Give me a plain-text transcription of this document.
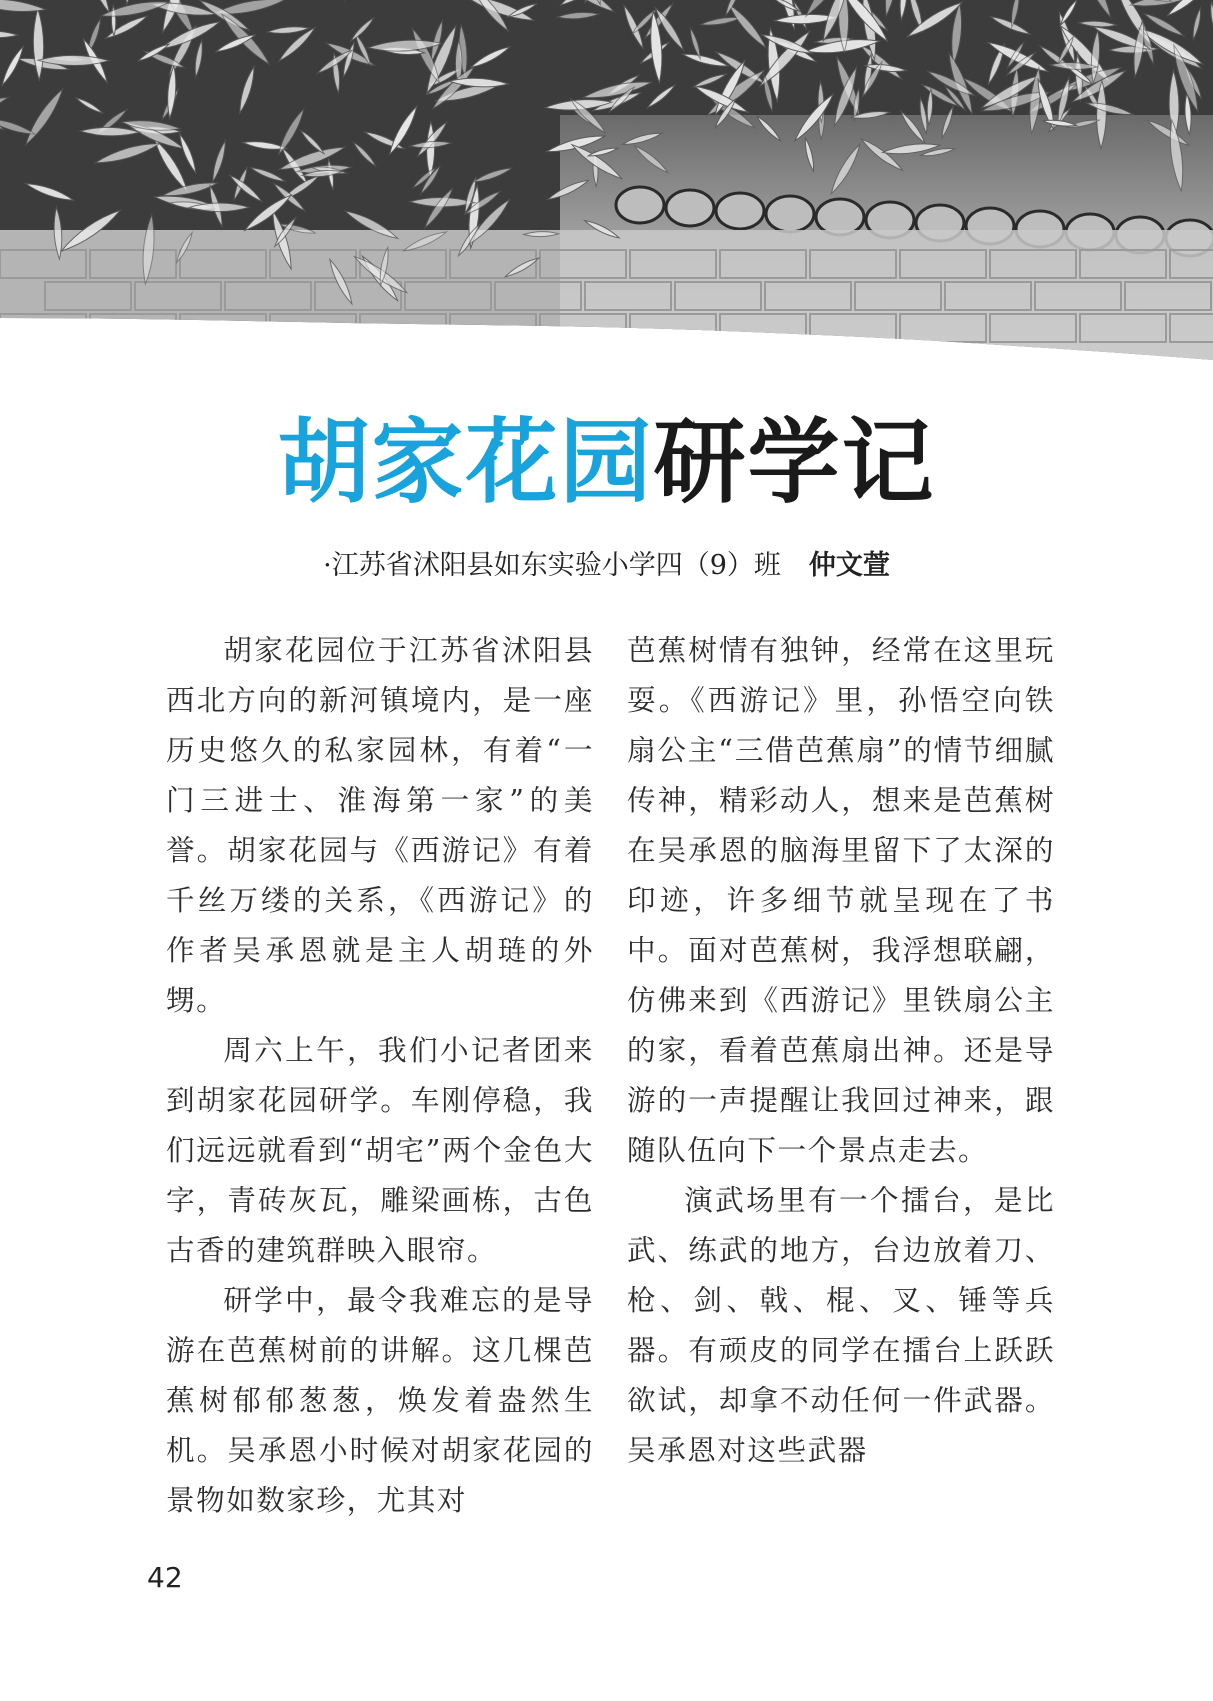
胡家花园研学记
·江苏省沭阳县如东实验小学四（9）班 仲文萱

胡家花园位于江苏省沭阳县西北方向的新河镇境内，是一座历史悠久的私家园林，有着“一门三进士、淮海第一家”的美誉。胡家花园与《西游记》有着千丝万缕的关系，《西游记》的作者吴承恩就是主人胡琏的外甥。

周六上午，我们小记者团来到胡家花园研学。车刚停稳，我们远远就看到“胡宅”两个金色大字，青砖灰瓦，雕梁画栋，古色古香的建筑群映入眼帘。

研学中，最令我难忘的是导游在芭蕉树前的讲解。这几棵芭蕉树郁郁葱葱，焕发着盎然生机。吴承恩小时候对胡家花园的景物如数家珍，尤其对

芭蕉树情有独钟，经常在这里玩耍。《西游记》里，孙悟空向铁扇公主“三借芭蕉扇”的情节细腻传神，精彩动人，想来是芭蕉树在吴承恩的脑海里留下了太深的印迹，许多细节就呈现在了书中。面对芭蕉树，我浮想联翩，仿佛来到《西游记》里铁扇公主的家，看着芭蕉扇出神。还是导游的一声提醒让我回过神来，跟随队伍向下一个景点走去。

演武场里有一个擂台，是比武、练武的地方，台边放着刀、枪、剑、戟、棍、叉、锤等兵器。有顽皮的同学在擂台上跃跃欲试，却拿不动任何一件武器。吴承恩对这些武器

42
